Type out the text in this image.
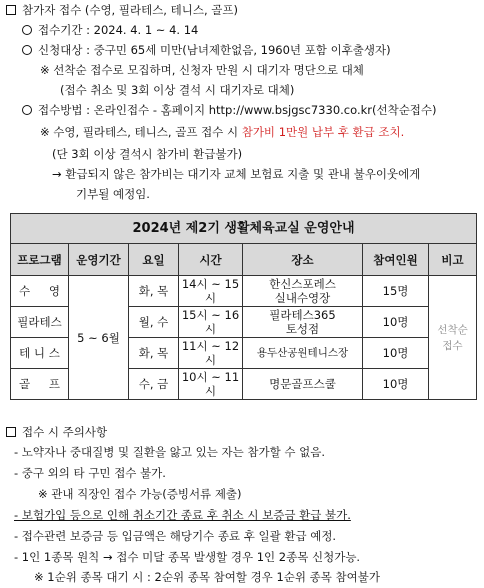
참가자 접수 (수영, 필라테스, 테니스, 골프)
접수기간 : 2024. 4. 1 ~ 4. 14
신청대상 : 중구민 65세 미만(남녀제한없음, 1960년 포함 이후출생자)
※ 선착순 접수로 모집하며, 신청자 만원 시 대기자 명단으로 대체
(접수 취소 및 3회 이상 결석 시 대기자로 대체)
접수방법 : 온라인접수 - 홈페이지 http://www.bsjgsc7330.co.kr(선착순접수)
※ 수영, 필라테스, 테니스, 골프 접수 시 참가비 1만원 납부 후 환급 조치.
(단 3회 이상 결석시 참가비 환급불가)
→ 환급되지 않은 참가비는 대기자 교체 보험료 지출 및 관내 불우이웃에게
기부될 예정임.
2024년 제2기 생활체육교실 운영안내						
프로그램	운영기간	요일	시간	장소	참여인원	비고

수 영	5 ~ 6월	화, 목	14시 ~ 15시	한신스포레스
실내수영장	15명	선착순
접수
필라테스		월, 수	15시 ~ 16시	필라테스365
토성점	10명	
테 니 스		화, 목	11시 ~ 12시	용두산공원테니스장	10명	

골 프		수, 금	10시 ~ 11시	명문골프스쿨	10명	
접수 시 주의사항
- 노약자나 중대질병 및 질환을 앓고 있는 자는 참가할 수 없음.
- 중구 외의 타 구민 접수 불가.
※ 관내 직장인 접수 가능(증빙서류 제출)
- 보험가입 등으로 인해 취소기간 종료 후 취소 시 보증금 환급 불가.
- 접수관련 보증금 등 입금액은 해당기수 종료 후 일괄 환급 예정.
- 1인 1종목 원칙 → 접수 미달 종목 발생할 경우 1인 2종목 신청가능.
※ 1순위 종목 대기 시 : 2순위 종목 참여할 경우 1순위 종목 참여불가
